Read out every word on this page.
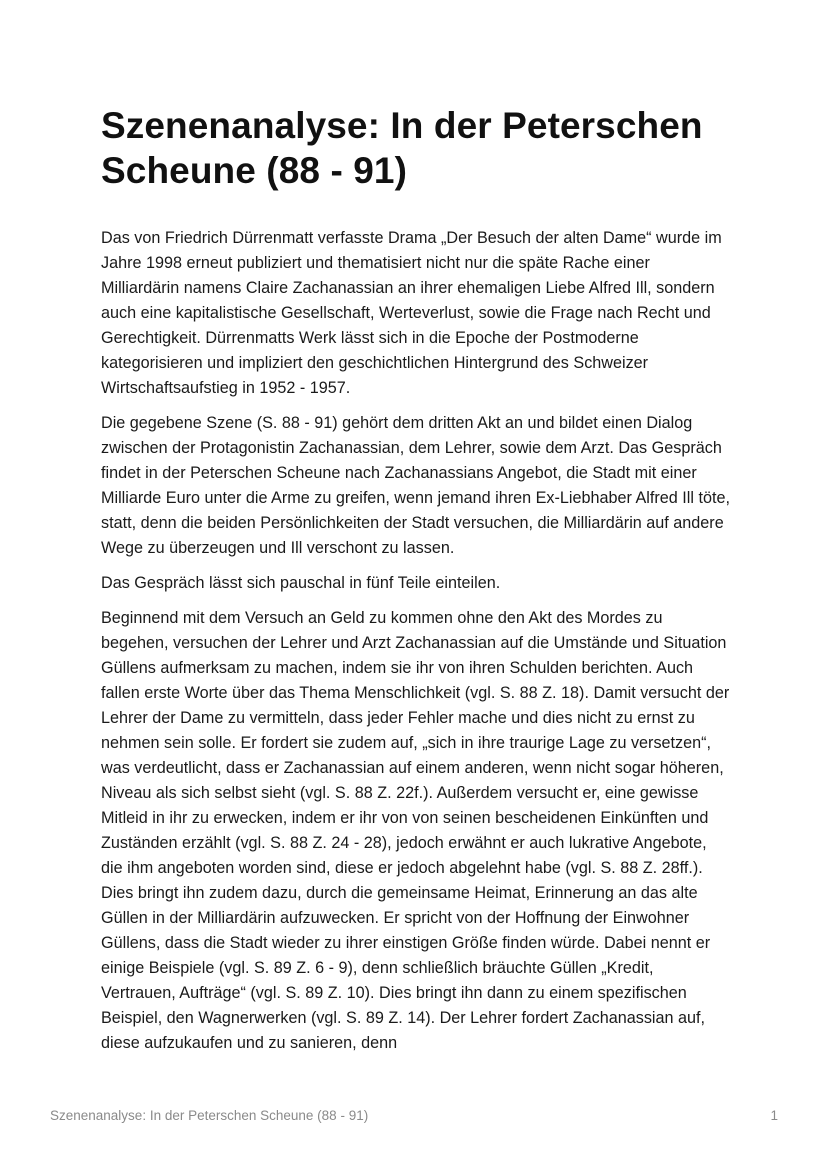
Szenenanalyse: In der Peterschen Scheune (88 - 91)

Das von Friedrich Dürrenmatt verfasste Drama „Der Besuch der alten Dame“ wurde im Jahre 1998 erneut publiziert und thematisiert nicht nur die späte Rache einer Milliardärin namens Claire Zachanassian an ihrer ehemaligen Liebe Alfred Ill, sondern auch eine kapitalistische Gesellschaft, Werteverlust, sowie die Frage nach Recht und Gerechtigkeit. Dürrenmatts Werk lässt sich in die Epoche der Postmoderne kategorisieren und impliziert den geschichtlichen Hintergrund des Schweizer Wirtschaftsaufstieg in 1952 - 1957.

Die gegebene Szene (S. 88 - 91) gehört dem dritten Akt an und bildet einen Dialog zwischen der Protagonistin Zachanassian, dem Lehrer, sowie dem Arzt. Das Gespräch findet in der Peterschen Scheune nach Zachanassians Angebot, die Stadt mit einer Milliarde Euro unter die Arme zu greifen, wenn jemand ihren Ex-Liebhaber Alfred Ill töte, statt, denn die beiden Persönlichkeiten der Stadt versuchen, die Milliardärin auf andere Wege zu überzeugen und Ill verschont zu lassen.

Das Gespräch lässt sich pauschal in fünf Teile einteilen.

Beginnend mit dem Versuch an Geld zu kommen ohne den Akt des Mordes zu begehen, versuchen der Lehrer und Arzt Zachanassian auf die Umstände und Situation Güllens aufmerksam zu machen, indem sie ihr von ihren Schulden berichten. Auch fallen erste Worte über das Thema Menschlichkeit (vgl. S. 88 Z. 18). Damit versucht der Lehrer der Dame zu vermitteln, dass jeder Fehler mache und dies nicht zu ernst zu nehmen sein solle. Er fordert sie zudem auf, „sich in ihre traurige Lage zu versetzen“, was verdeutlicht, dass er Zachanassian auf einem anderen, wenn nicht sogar höheren, Niveau als sich selbst sieht (vgl. S. 88 Z. 22f.). Außerdem versucht er, eine gewisse Mitleid in ihr zu erwecken, indem er ihr von von seinen bescheidenen Einkünften und Zuständen erzählt (vgl. S. 88 Z. 24 - 28), jedoch erwähnt er auch lukrative Angebote, die ihm angeboten worden sind, diese er jedoch abgelehnt habe (vgl. S. 88 Z. 28ff.). Dies bringt ihn zudem dazu, durch die gemeinsame Heimat, Erinnerung an das alte Güllen in der Milliardärin aufzuwecken. Er spricht von der Hoffnung der Einwohner Güllens, dass die Stadt wieder zu ihrer einstigen Größe finden würde. Dabei nennt er einige Beispiele (vgl. S. 89 Z. 6 - 9), denn schließlich bräuchte Güllen „Kredit, Vertrauen, Aufträge“ (vgl. S. 89 Z. 10). Dies bringt ihn dann zu einem spezifischen Beispiel, den Wagnerwerken (vgl. S. 89 Z. 14). Der Lehrer fordert Zachanassian auf, diese aufzukaufen und zu sanieren, denn

Szenenanalyse: In der Peterschen Scheune (88 - 91)	1
